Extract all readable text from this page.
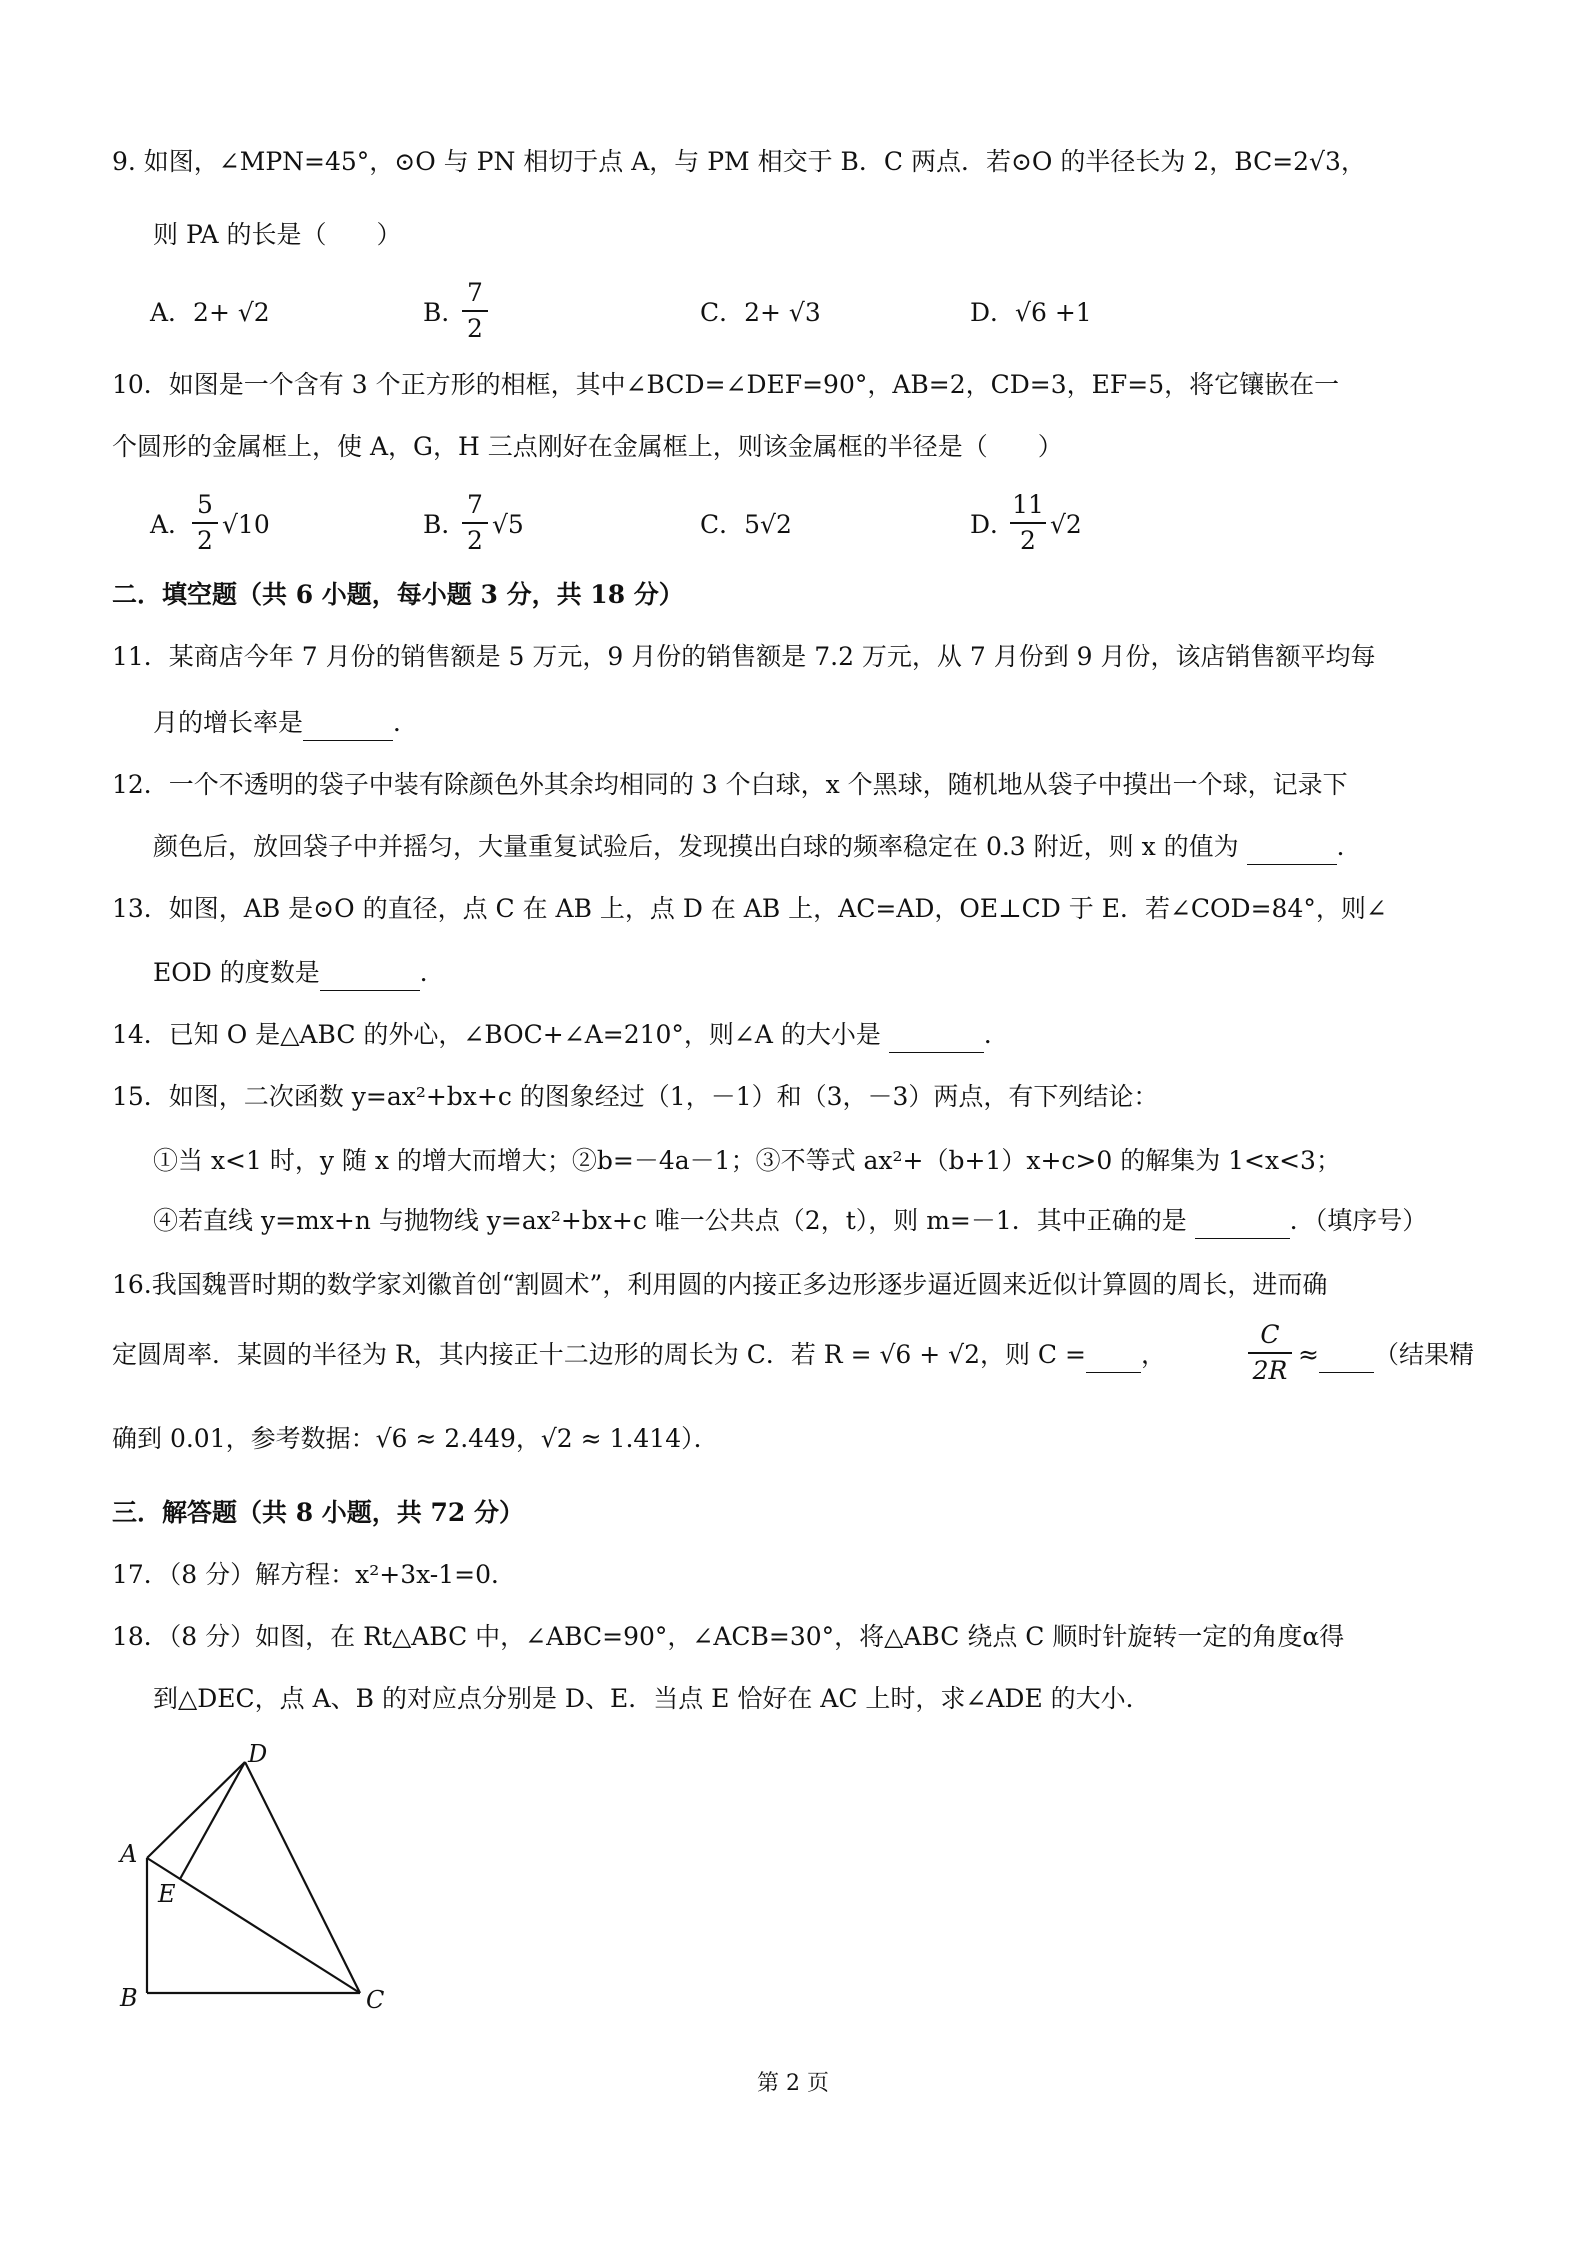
9. 如图，∠MPN=45°，⊙O 与 PN 相切于点 A，与 PM 相交于 B．C 两点．若⊙O 的半径长为 2，BC=2√3，
则 PA 的长是（　　）
A．2+ √2	B．
7
2
C．2+ √3	D．√6 +1
10．如图是一个含有 3 个正方形的相框，其中∠BCD=∠DEF=90°，AB=2，CD=3，EF=5，将它镶嵌在一
个圆形的金属框上，使 A，G，H 三点刚好在金属框上，则该金属框的半径是（　　）
A．
5
2
√10	B．
7
2
√5	C．5√2	D．
11
2
√2
二．填空题（共 6 小题，每小题 3 分，共 18 分）
11．某商店今年 7 月份的销售额是 5 万元，9 月份的销售额是 7.2 万元，从 7 月份到 9 月份，该店销售额平均每
月的增长率是	．
12．一个不透明的袋子中装有除颜色外其余均相同的 3 个白球，x 个黑球，随机地从袋子中摸出一个球，记录下
颜色后，放回袋子中并摇匀，大量重复试验后，发现摸出白球的频率稳定在 0.3 附近，则 x 的值为	．
13．如图，AB 是⊙O 的直径，点 C 在 AB 上，点 D 在 AB 上，AC=AD，OE⊥CD 于 E．若∠COD=84°，则∠
EOD 的度数是	．
14．已知 O 是△ABC 的外心，∠BOC+∠A=210°，则∠A 的大小是	．
15．如图，二次函数 y=ax²+bx+c 的图象经过（1，－1）和（3，－3）两点，有下列结论：
①当 x<1 时，y 随 x 的增大而增大；②b=－4a－1；③不等式 ax²+（b+1）x+c>0 的解集为 1<x<3；
④若直线 y=mx+n 与抛物线 y=ax²+bx+c 唯一公共点（2，t），则 m=－1．其中正确的是	．（填序号）
16.我国魏晋时期的数学家刘徽首创“割圆术”，利用圆的内接正多边形逐步逼近圆来近似计算圆的周长，进而确
定圆周率．某圆的半径为 R，其内接正十二边形的周长为 C．若 R = √6 + √2，则 C = ，
C
2R
≈ （结果精
确到 0.01，参考数据：√6 ≈ 2.449，√2 ≈ 1.414）．
三．解答题（共 8 小题，共 72 分）
17．（8 分）解方程：x²+3x-1=0．
18．（8 分）如图，在 Rt△ABC 中，∠ABC=90°，∠ACB=30°，将△ABC 绕点 C 顺时针旋转一定的角度α得
到△DEC，点 A、B 的对应点分别是 D、E．当点 E 恰好在 AC 上时，求∠ADE 的大小．
D
A
E
B	C
第 2 页
